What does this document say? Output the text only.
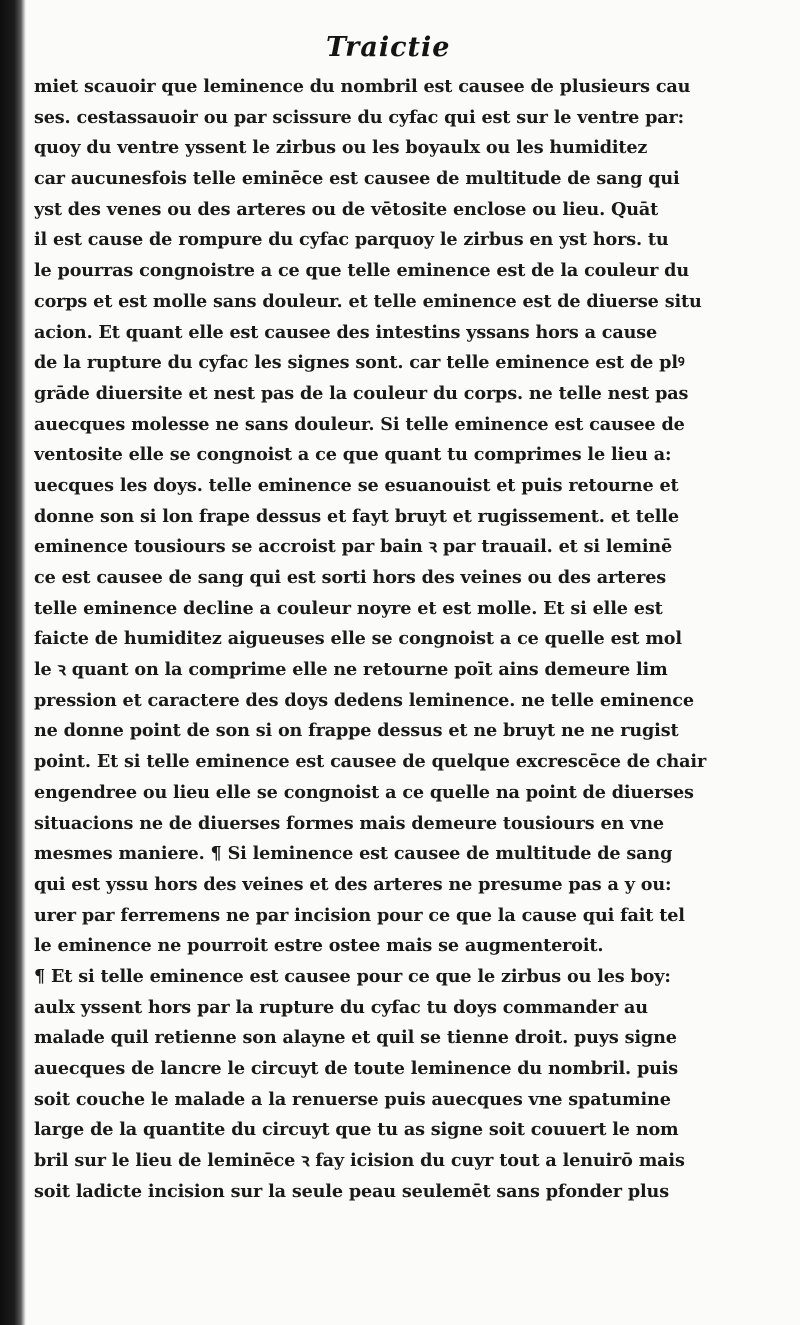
Traictie
miet scauoir que leminence du nombril est causee de plusieurs cau
ses. cestassauoir ou par scissure du cyfac qui est sur le ventre par:
quoy du ventre yssent le zirbus ou les boyaulx ou les humiditez
car aucunesfois telle eminēce est causee de multitude de sang qui
yst des venes ou des arteres ou de vētosite enclose ou lieu. Quāt
il est cause de rompure du cyfac parquoy le zirbus en yst hors. tu
le pourras congnoistre a ce que telle eminence est de la couleur du
corps et est molle sans douleur. et telle eminence est de diuerse situ
acion. Et quant elle est causee des intestins yssans hors a cause
de la rupture du cyfac les signes sont. car telle eminence est de plꝰ
grāde diuersite et nest pas de la couleur du corps. ne telle nest pas
auecques molesse ne sans douleur. Si telle eminence est causee de
ventosite elle se congnoist a ce que quant tu comprimes le lieu a:
uecques les doys. telle eminence se esuanouist et puis retourne et
donne son si lon frape dessus et fayt bruyt et rugissement. et telle
eminence tousiours se accroist par bain ꝛ par trauail. et si leminē
ce est causee de sang qui est sorti hors des veines ou des arteres
telle eminence decline a couleur noyre et est molle. Et si elle est
faicte de humiditez aigueuses elle se congnoist a ce quelle est mol
le ꝛ quant on la comprime elle ne retourne poīt ains demeure lim
pression et caractere des doys dedens leminence. ne telle eminence
ne donne point de son si on frappe dessus et ne bruyt ne ne rugist
point. Et si telle eminence est causee de quelque excrescēce de chair
engendree ou lieu elle se congnoist a ce quelle na point de diuerses
situacions ne de diuerses formes mais demeure tousiours en vne
mesmes maniere. ¶ Si leminence est causee de multitude de sang
qui est yssu hors des veines et des arteres ne presume pas a y ou:
urer par ferremens ne par incision pour ce que la cause qui fait tel
le eminence ne pourroit estre ostee mais se augmenteroit.
¶ Et si telle eminence est causee pour ce que le zirbus ou les boy:
aulx yssent hors par la rupture du cyfac tu doys commander au
malade quil retienne son alayne et quil se tienne droit. puys signe
auecques de lancre le circuyt de toute leminence du nombril. puis
soit couche le malade a la renuerse puis auecques vne spatumine
large de la quantite du circuyt que tu as signe soit couuert le nom
bril sur le lieu de leminēce ꝛ fay icision du cuyr tout a lenuirō mais
soit ladicte incision sur la seule peau seulemēt sans pfonder plus
